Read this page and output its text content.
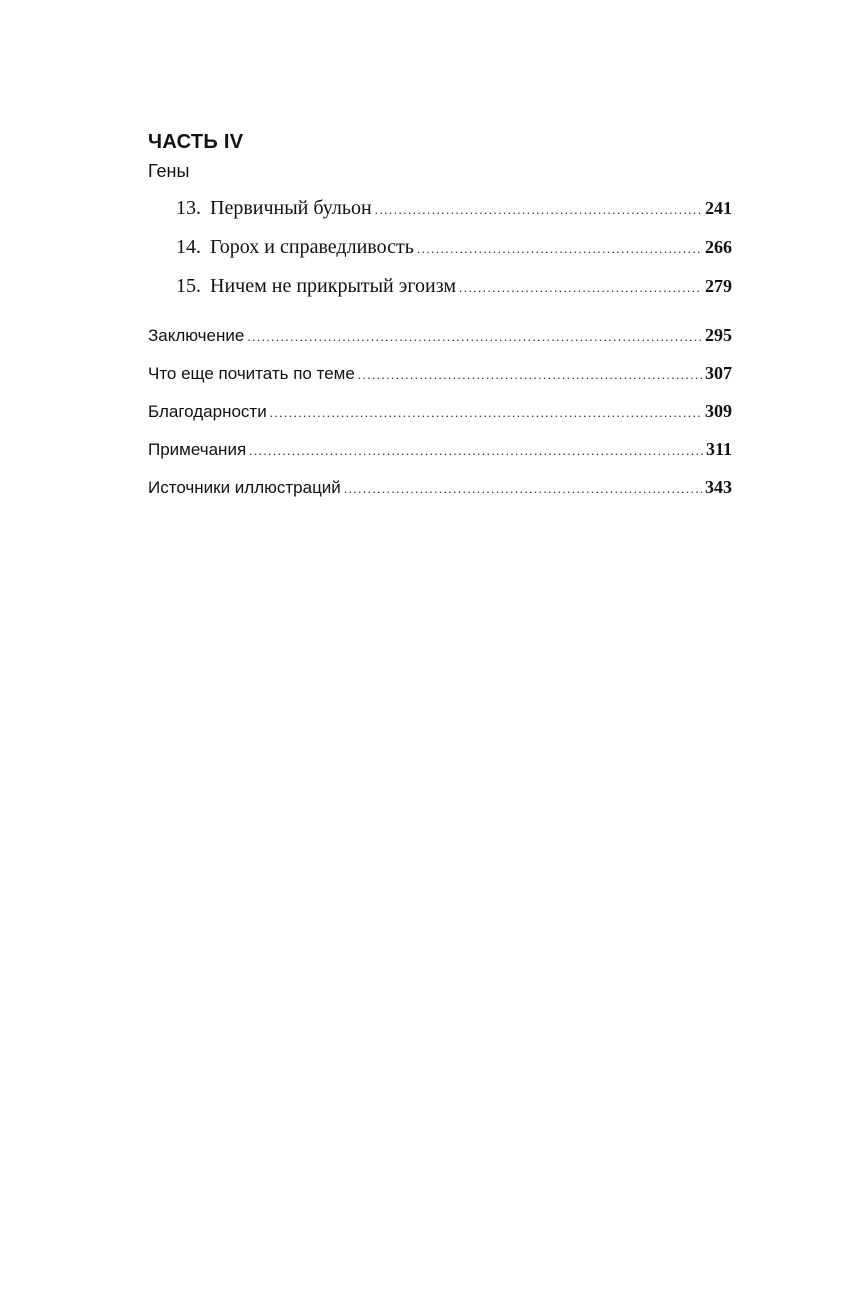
ЧАСТЬ IV
Гены
13. Первичный бульон .....	241
14. Горох и справедливость .....	266
15. Ничем не прикрытый эгоизм .....	279
Заключение .....	295
Что еще почитать по теме .....	307
Благодарности .....	309
Примечания .....	311
Источники иллюстраций .....	343
